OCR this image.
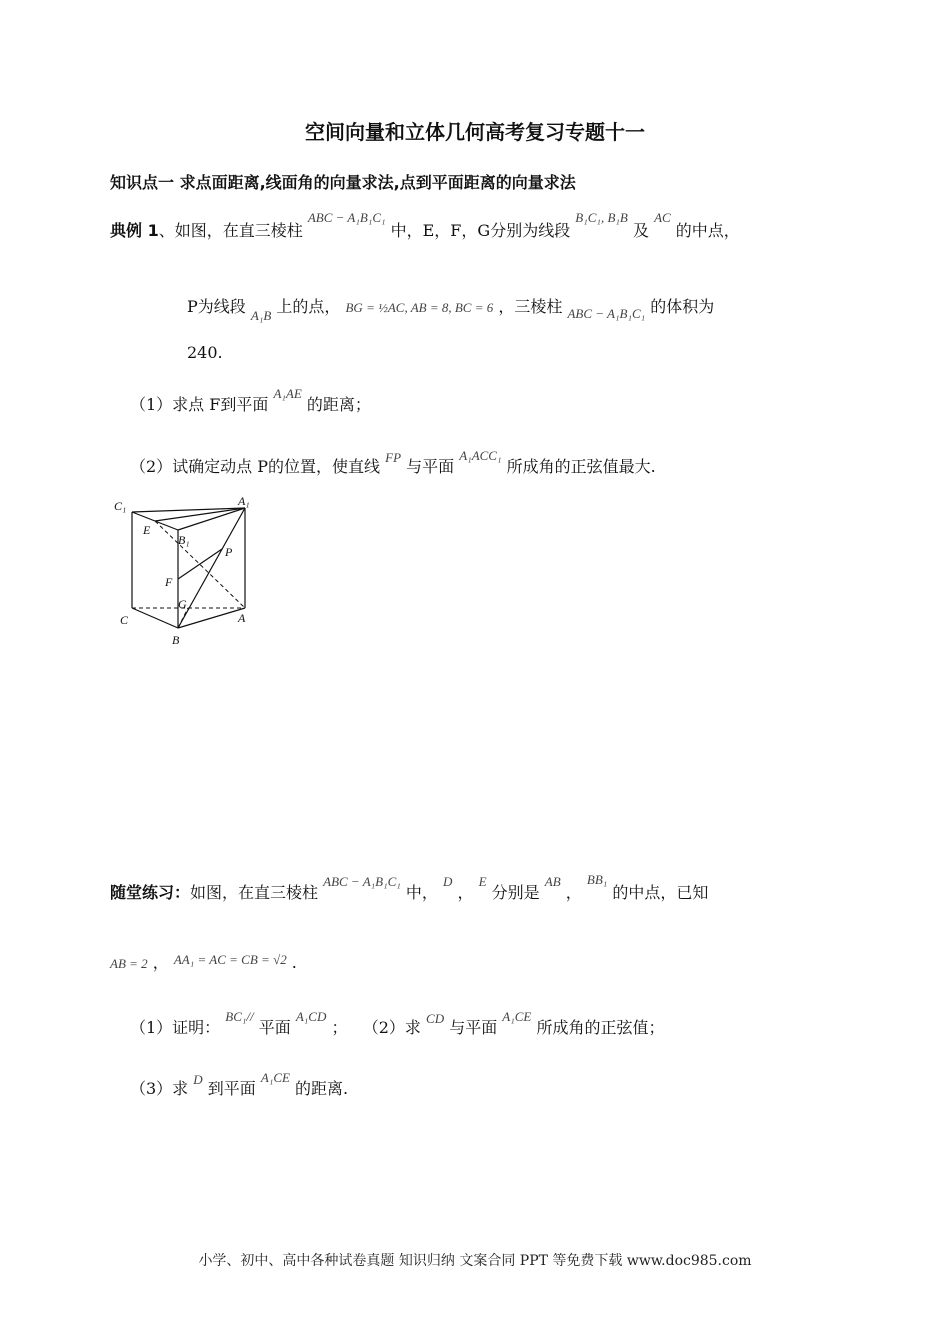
空间向量和立体几何高考复习专题十一
知识点一 求点面距离,线面角的向量求法,点到平面距离的向量求法
典例 1、如图，在直三棱柱 $^{ABC - A_1B_1C_1}$ 中，E，F，G分别为线段 $^{B_1C_1, B_1B}$ 及 $^{AC}$ 的中点，
P为线段 $_{A_1B}$ 上的点， BG = ½AC, AB = 8, BC = 6 ，三棱柱 $_{ABC - A_1B_1C_1}$ 的体积为
240.
（1）求点 F到平面 $^{A_1AE}$ 的距离；
（2）试确定动点 P的位置，使直线 $^{FP}$ 与平面 $^{A_1ACC_1}$ 所成角的正弦值最大.
C₁	A₁
E
B₁
P
F
G
C	A
B
随堂练习：如图，在直三棱柱 $^{ABC - A_1B_1C_1}$ 中， $^D$ ， $^E$ 分别是 $^{AB}$ ， $^{BB_1}$ 的中点，已知
AB = 2 ， $^{AA_1 = AC = CB = √2}$ .
（1）证明： $^{BC_1//}$ 平面 $^{A_1CD}$ ； （2）求 $^{CD}$ 与平面 $^{A_1CE}$ 所成角的正弦值；
（3）求 $^D$ 到平面 $^{A_1CE}$ 的距离.
小学、初中、高中各种试卷真题 知识归纳 文案合同 PPT 等免费下载 www.doc985.com
